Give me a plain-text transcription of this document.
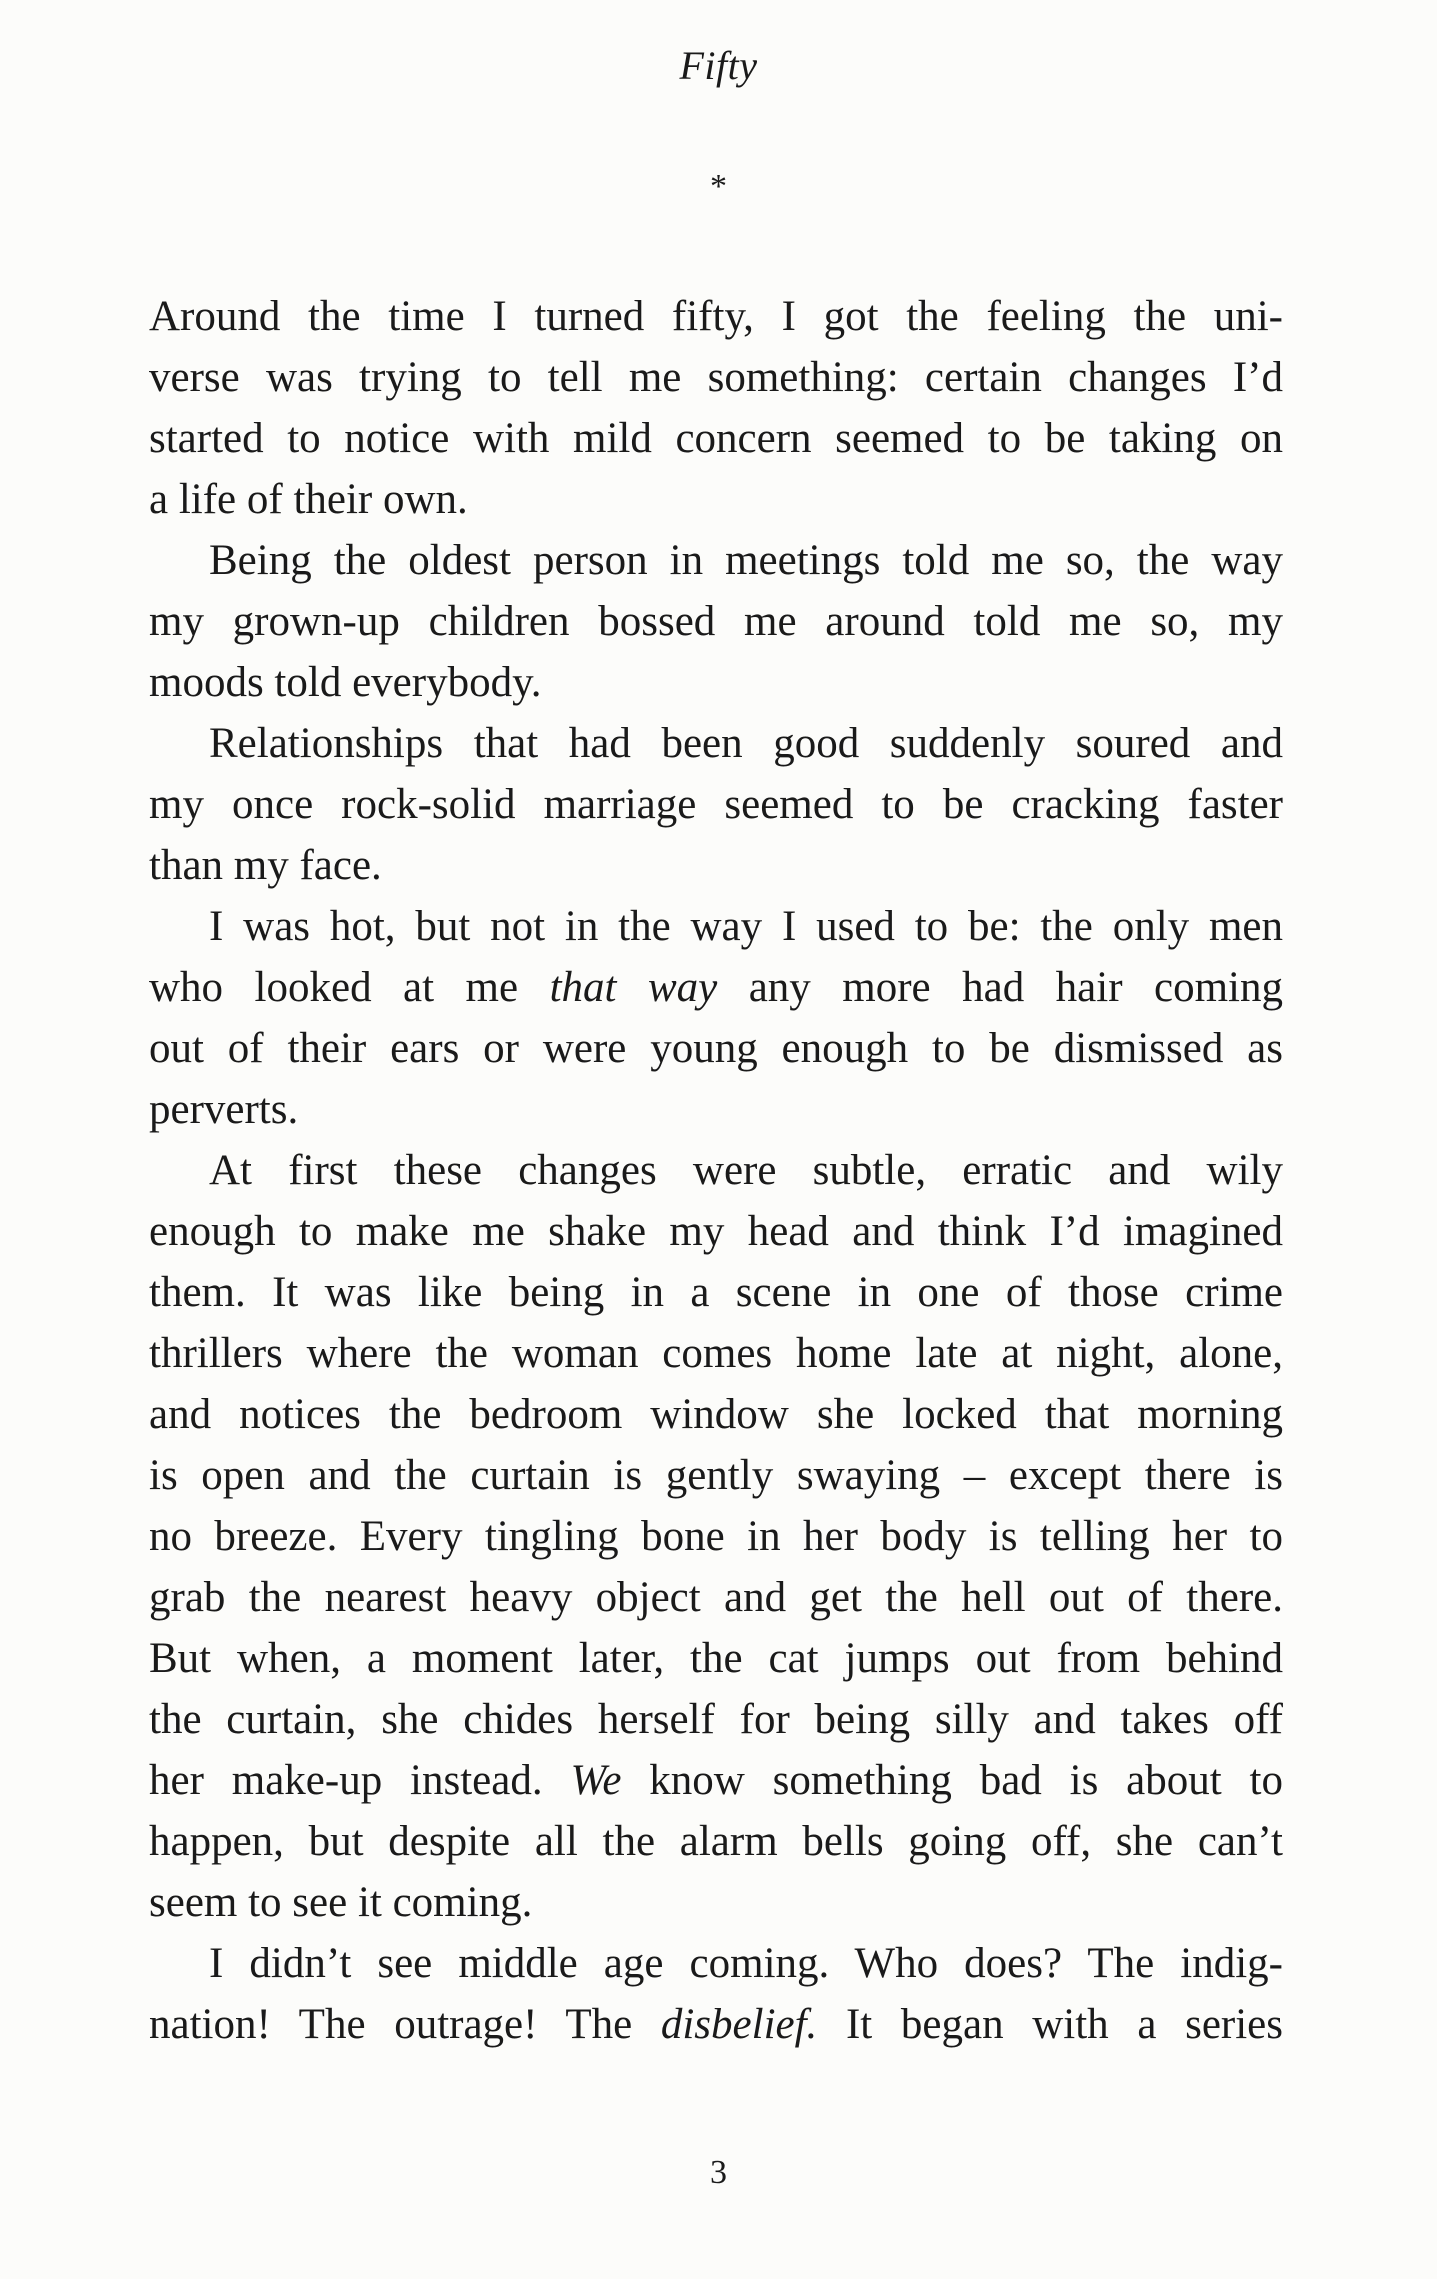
Fifty
*
Around the time I turned fifty, I got the feeling the uni-
verse was trying to tell me something: certain changes I’d
started to notice with mild concern seemed to be taking on
a life of their own.
Being the oldest person in meetings told me so, the way
my grown-up children bossed me around told me so, my
moods told everybody.
Relationships that had been good suddenly soured and
my once rock-solid marriage seemed to be cracking faster
than my face.
I was hot, but not in the way I used to be: the only men
who looked at me that way any more had hair coming
out of their ears or were young enough to be dismissed as
perverts.
At first these changes were subtle, erratic and wily
enough to make me shake my head and think I’d imagined
them. It was like being in a scene in one of those crime
thrillers where the woman comes home late at night, alone,
and notices the bedroom window she locked that morning
is open and the curtain is gently swaying – except there is
no breeze. Every tingling bone in her body is telling her to
grab the nearest heavy object and get the hell out of there.
But when, a moment later, the cat jumps out from behind
the curtain, she chides herself for being silly and takes off
her make-up instead. We know something bad is about to
happen, but despite all the alarm bells going off, she can’t
seem to see it coming.
I didn’t see middle age coming. Who does? The indig-
nation! The outrage! The disbelief. It began with a series
3
